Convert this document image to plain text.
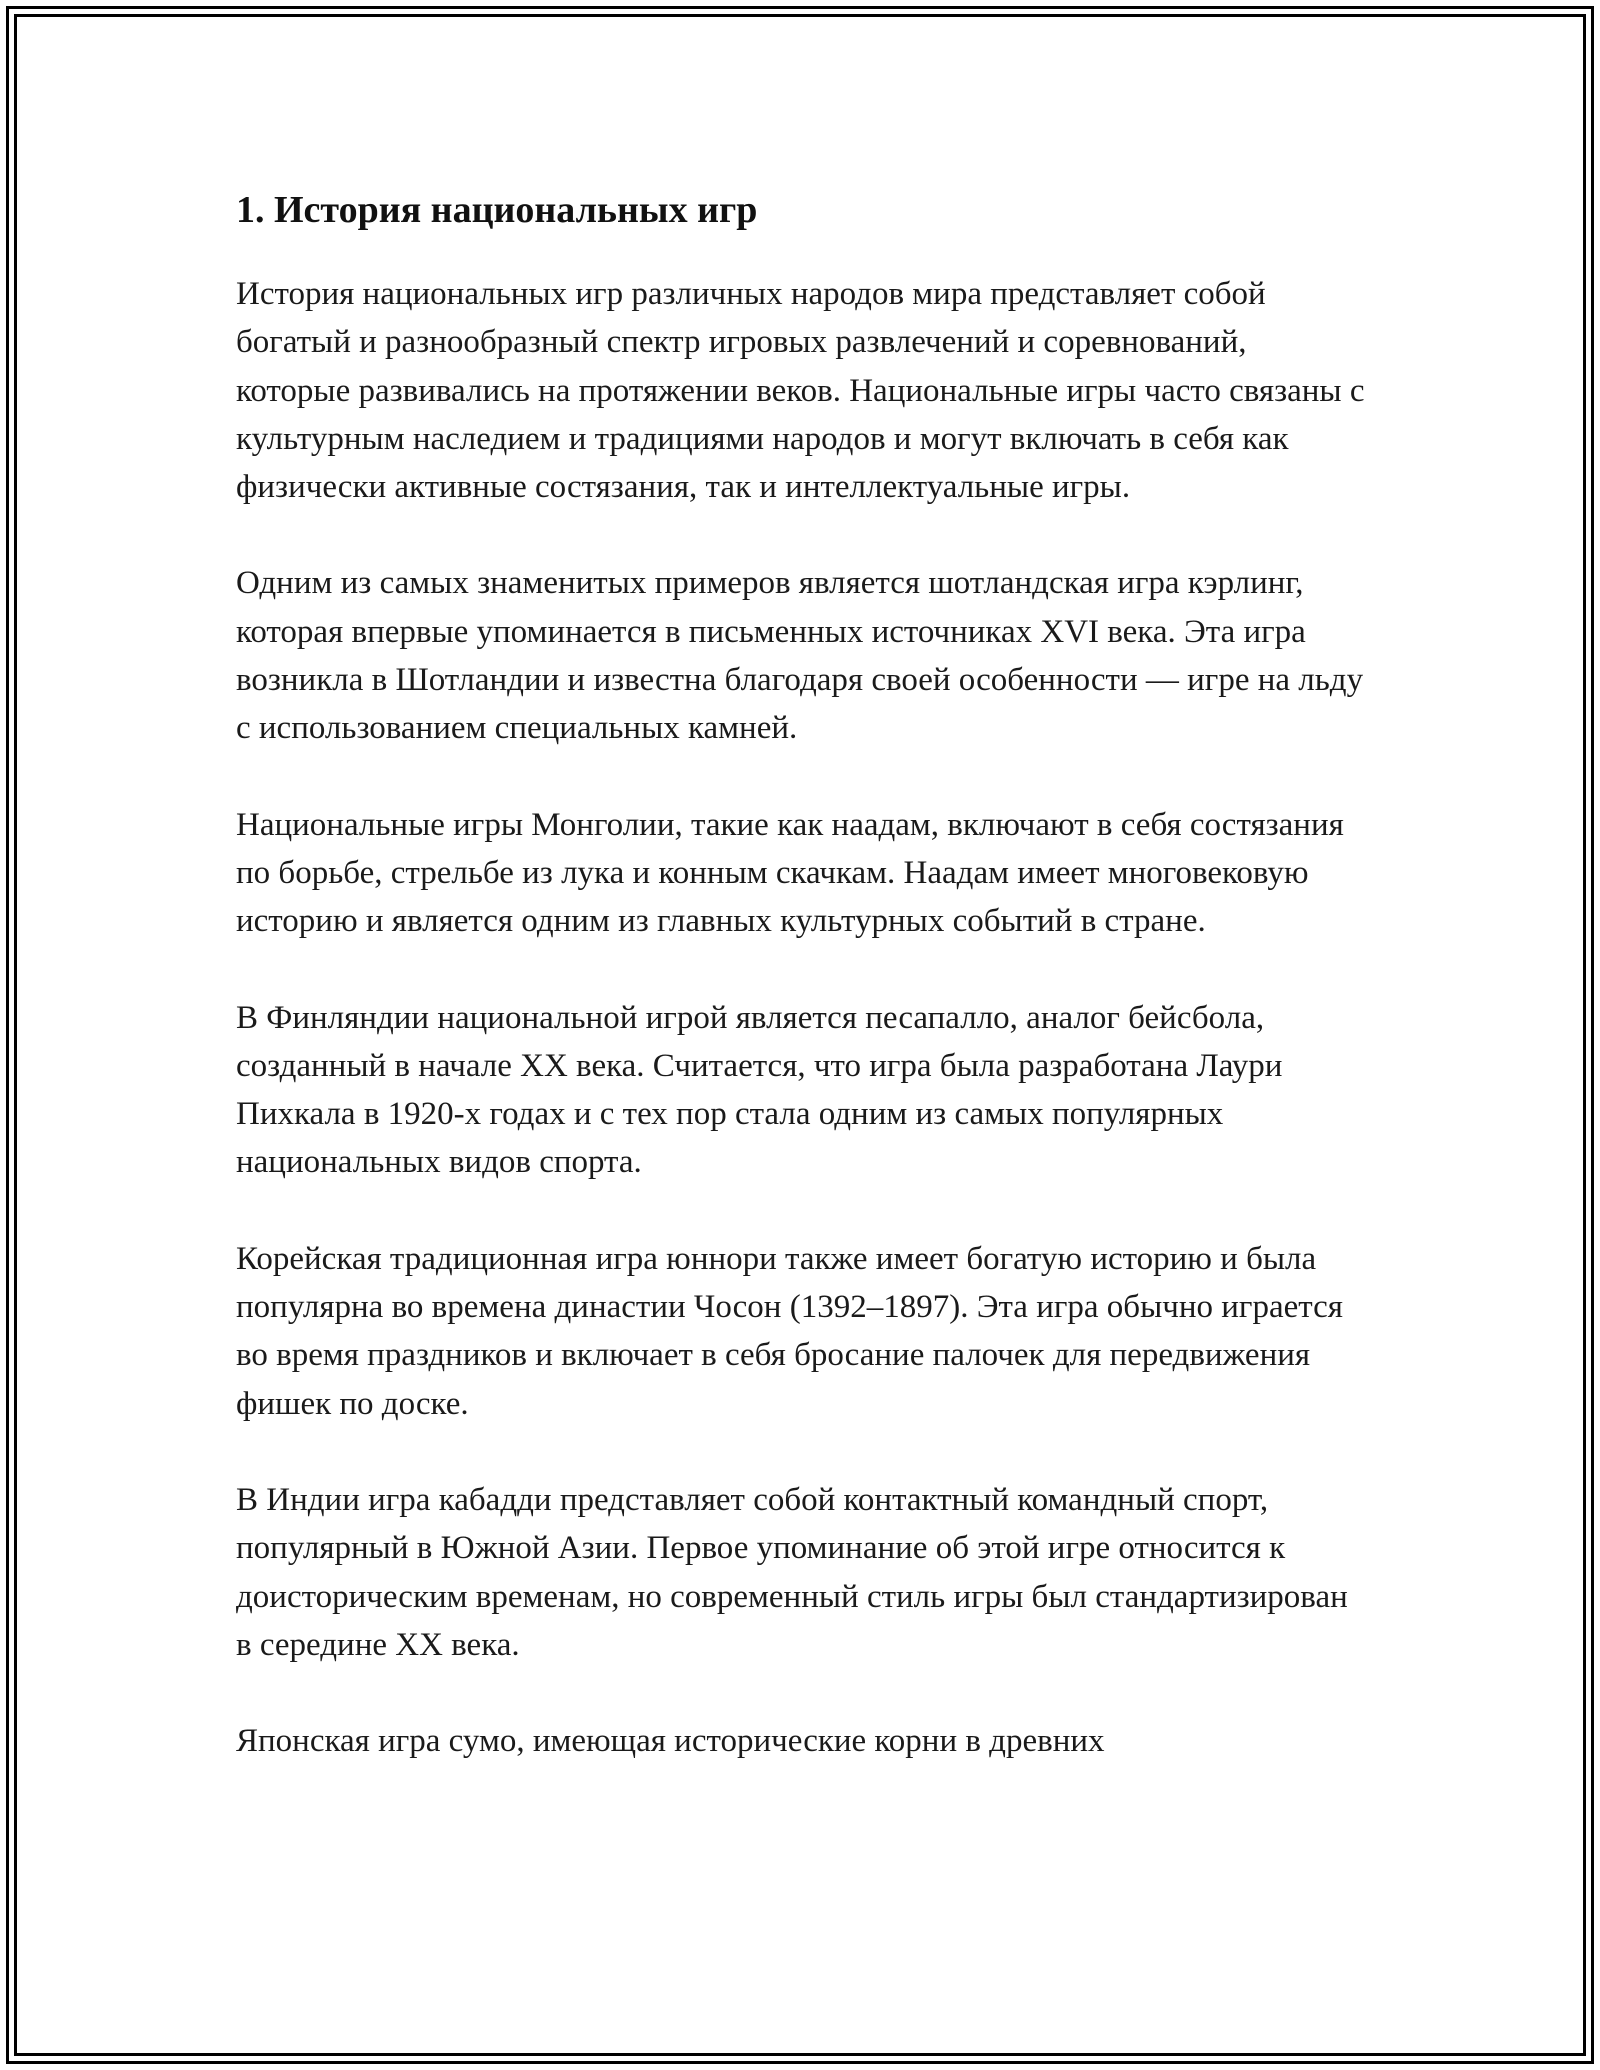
1. История национальных игр

История национальных игр различных народов мира представляет собой богатый и разнообразный спектр игровых развлечений и соревнований, которые развивались на протяжении веков. Национальные игры часто связаны с культурным наследием и традициями народов и могут включать в себя как физически активные состязания, так и интеллектуальные игры.

Одним из самых знаменитых примеров является шотландская игра кэрлинг, которая впервые упоминается в письменных источниках XVI века. Эта игра возникла в Шотландии и известна благодаря своей особенности — игре на льду с использованием специальных камней.

Национальные игры Монголии, такие как наадам, включают в себя состязания по борьбе, стрельбе из лука и конным скачкам. Наадам имеет многовековую историю и является одним из главных культурных событий в стране.

В Финляндии национальной игрой является песапалло, аналог бейсбола, созданный в начале XX века. Считается, что игра была разработана Лаури Пихкала в 1920-х годах и с тех пор стала одним из самых популярных национальных видов спорта.

Корейская традиционная игра юннори также имеет богатую историю и была популярна во времена династии Чосон (1392–1897). Эта игра обычно играется во время праздников и включает в себя бросание палочек для передвижения фишек по доске.

В Индии игра кабадди представляет собой контактный командный спорт, популярный в Южной Азии. Первое упоминание об этой игре относится к доисторическим временам, но современный стиль игры был стандартизирован в середине XX века.

Японская игра сумо, имеющая исторические корни в древних
